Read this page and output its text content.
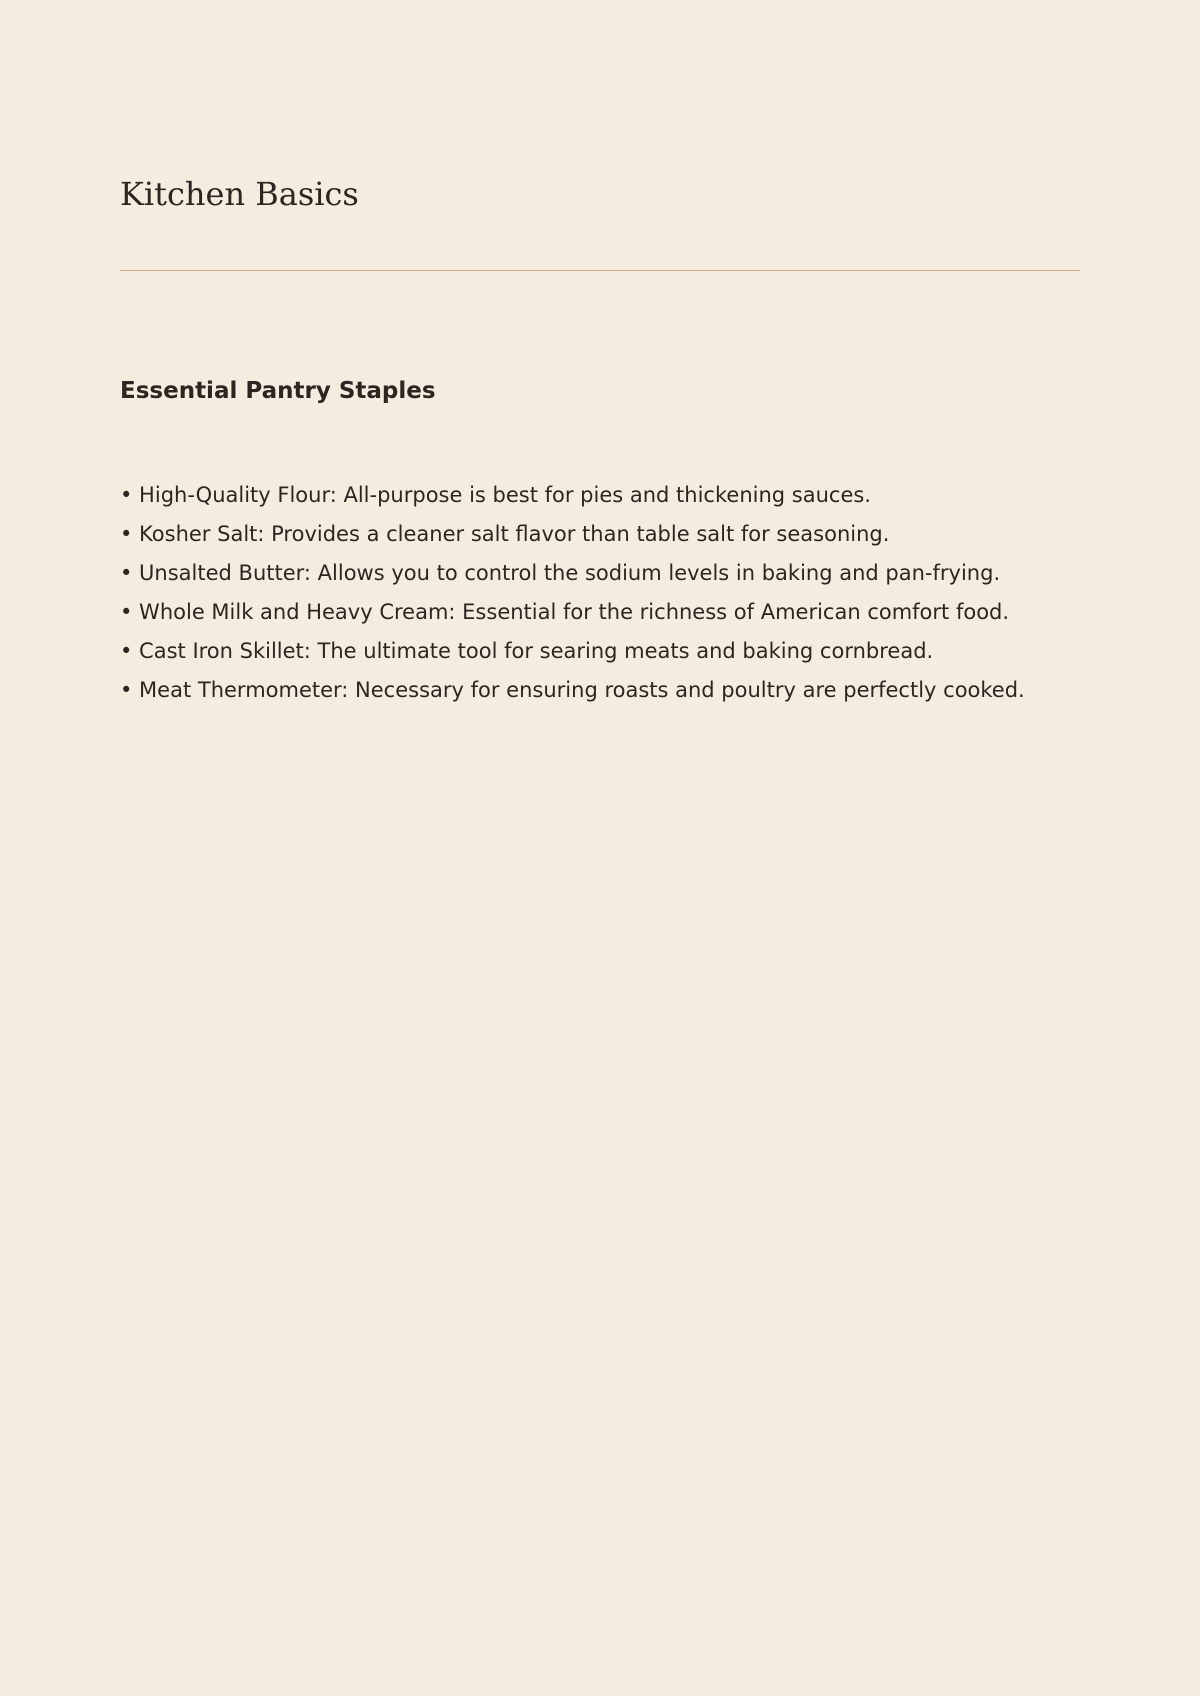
Kitchen Basics
Essential Pantry Staples
• High-Quality Flour: All-purpose is best for pies and thickening sauces.
• Kosher Salt: Provides a cleaner salt flavor than table salt for seasoning.
• Unsalted Butter: Allows you to control the sodium levels in baking and pan-frying.
• Whole Milk and Heavy Cream: Essential for the richness of American comfort food.
• Cast Iron Skillet: The ultimate tool for searing meats and baking cornbread.
• Meat Thermometer: Necessary for ensuring roasts and poultry are perfectly cooked.
